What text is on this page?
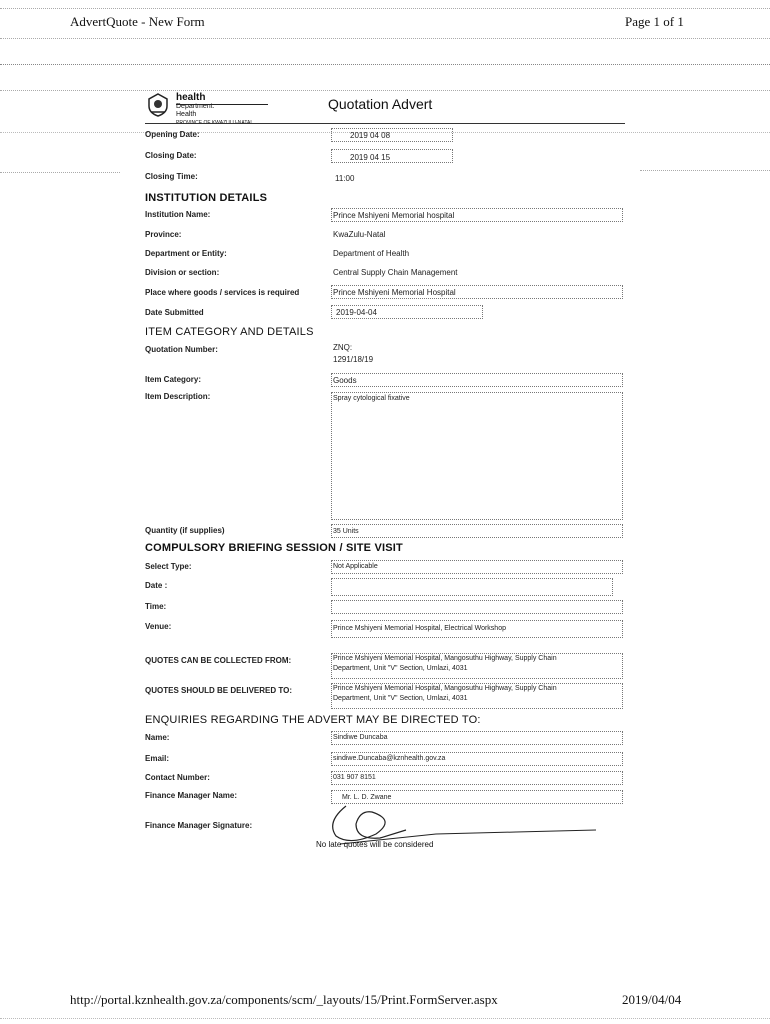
AdvertQuote - New Form	Page 1 of 1
health
Department:
Health
PROVINCE OF KWAZULU-NATAL
Quotation Advert
Opening Date:	2019 04 08
Closing Date:	2019 04 15
Closing Time:	11:00
INSTITUTION DETAILS
Institution Name:	Prince Mshiyeni Memorial hospital
Province:	KwaZulu-Natal
Department or Entity:	Department of Health
Division or section:	Central Supply Chain Management
Place where goods / services is required	Prince Mshiyeni Memorial Hospital
Date Submitted	2019-04-04
ITEM CATEGORY AND DETAILS
Quotation Number:	ZNQ:
1291/18/19
Item Category:	Goods
Item Description:	Spray cytological fixative
Quantity (if supplies)	35 Units
COMPULSORY BRIEFING SESSION / SITE VISIT
Select Type:	Not Applicable
Date :
Time:
Venue:	Prince Mshiyeni Memorial Hospital, Electrical Workshop
QUOTES CAN BE COLLECTED FROM:	Prince Mshiyeni Memorial Hospital, Mangosuthu Highway, Supply Chain
Department, Unit "V" Section, Umlazi, 4031
QUOTES SHOULD BE DELIVERED TO:	Prince Mshiyeni Memorial Hospital, Mangosuthu Highway, Supply Chain
Department, Unit "V" Section, Umlazi, 4031
ENQUIRIES REGARDING THE ADVERT MAY BE DIRECTED TO:
Name:	Sindiwe Duncaba
Email:	sindiwe.Duncaba@kznhealth.gov.za
Contact Number:	031 907 8151
Finance Manager Name:	Mr. L. D. Zwane
Finance Manager Signature:
No late quotes will be considered
http://portal.kznhealth.gov.za/components/scm/_layouts/15/Print.FormServer.aspx	2019/04/04
